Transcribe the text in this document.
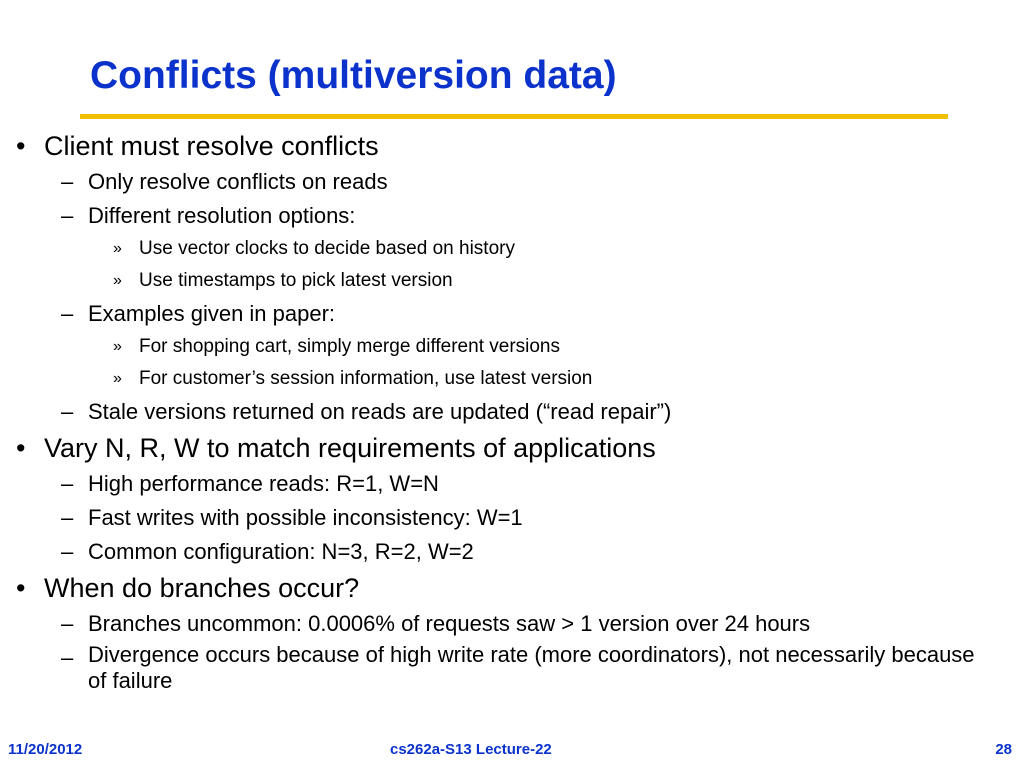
Conflicts (multiversion data)
• Client must resolve conflicts
– Only resolve conflicts on reads
– Different resolution options:
» Use vector clocks to decide based on history
» Use timestamps to pick latest version
– Examples given in paper:
» For shopping cart, simply merge different versions
» For customer’s session information, use latest version
– Stale versions returned on reads are updated (“read repair”)
• Vary N, R, W to match requirements of applications
– High performance reads: R=1, W=N
– Fast writes with possible inconsistency: W=1
– Common configuration: N=3, R=2, W=2
• When do branches occur?
– Branches uncommon: 0.0006% of requests saw > 1 version over 24 hours
– Divergence occurs because of high write rate (more coordinators), not necessarily because of failure
11/20/2012	cs262a-S13 Lecture-22	28
